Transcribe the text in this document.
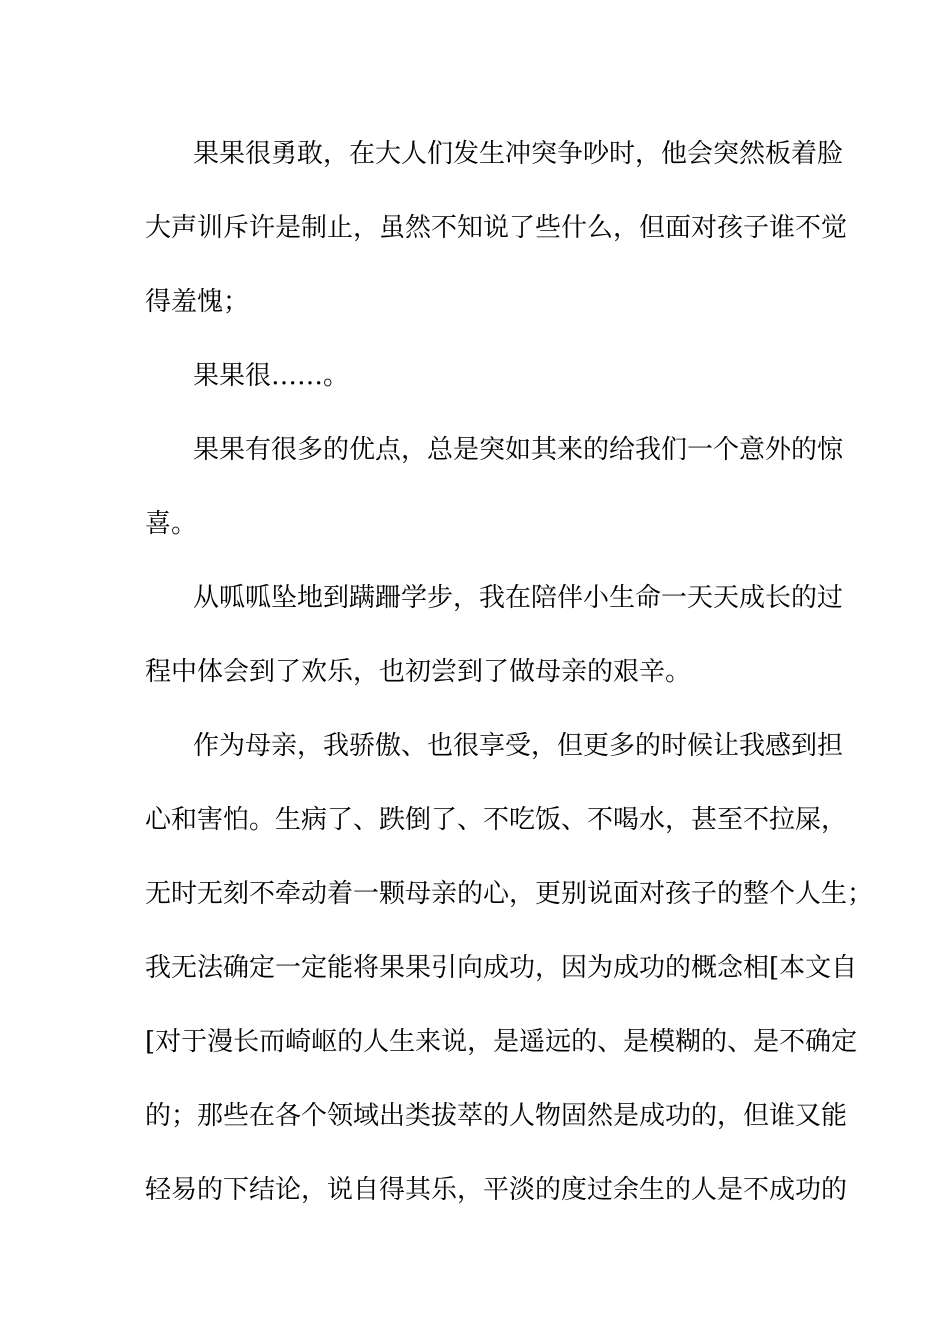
果果很勇敢，在大人们发生冲突争吵时，他会突然板着脸
大声训斥许是制止，虽然不知说了些什么，但面对孩子谁不觉
得羞愧；
果果很……。
果果有很多的优点，总是突如其来的给我们一个意外的惊
喜。
从呱呱坠地到蹒跚学步，我在陪伴小生命一天天成长的过
程中体会到了欢乐，也初尝到了做母亲的艰辛。
作为母亲，我骄傲、也很享受，但更多的时候让我感到担
心和害怕。生病了、跌倒了、不吃饭、不喝水，甚至不拉屎，
无时无刻不牵动着一颗母亲的心，更别说面对孩子的整个人生；
我无法确定一定能将果果引向成功，因为成功的概念相[本文自
[对于漫长而崎岖的人生来说，是遥远的、是模糊的、是不确定
的；那些在各个领域出类拔萃的人物固然是成功的，但谁又能
轻易的下结论，说自得其乐，平淡的度过余生的人是不成功的
